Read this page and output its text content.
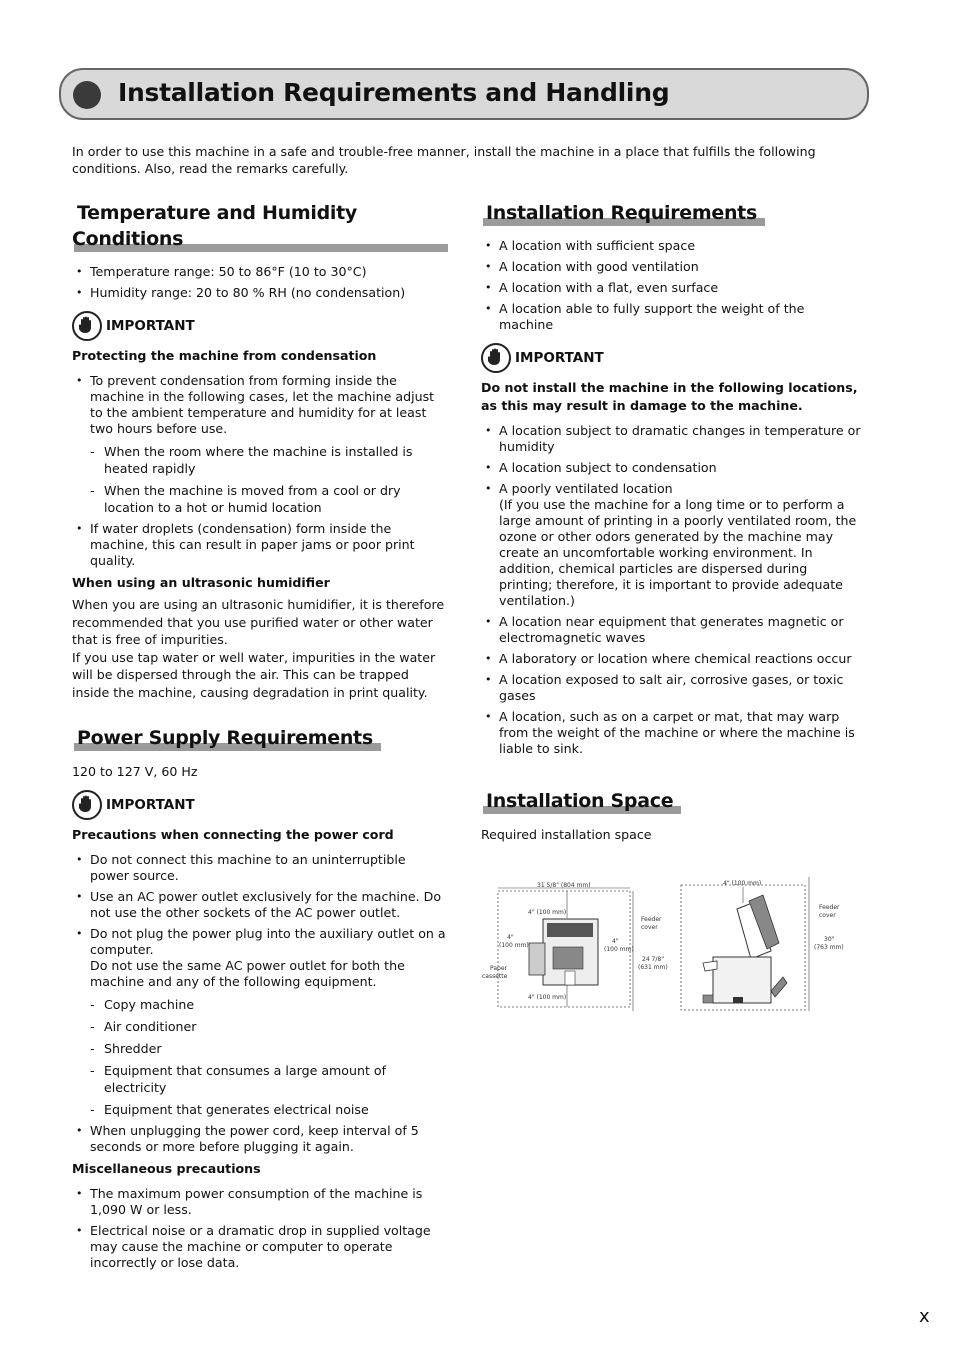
Installation Requirements and Handling
In order to use this machine in a safe and trouble-free manner, install the machine in a place that fulfills the following conditions. Also, read the remarks carefully.
Temperature and Humidity Conditions
• Temperature range: 50 to 86°F (10 to 30°C)
• Humidity range: 20 to 80 % RH (no condensation)
IMPORTANT
Protecting the machine from condensation
• To prevent condensation from forming inside the machine in the following cases, let the machine adjust to the ambient temperature and humidity for at least two hours before use.
- When the room where the machine is installed is heated rapidly
- When the machine is moved from a cool or dry location to a hot or humid location
• If water droplets (condensation) form inside the machine, this can result in paper jams or poor print quality.
When using an ultrasonic humidifier

When you are using an ultrasonic humidifier, it is therefore recommended that you use purified water or other water that is free of impurities.

If you use tap water or well water, impurities in the water will be dispersed through the air. This can be trapped inside the machine, causing degradation in print quality.

Power Supply Requirements
120 to 127 V, 60 Hz
IMPORTANT
Precautions when connecting the power cord
• Do not connect this machine to an uninterruptible power source.
• Use an AC power outlet exclusively for the machine. Do not use the other sockets of the AC power outlet.
• Do not plug the power plug into the auxiliary outlet on a computer.
Do not use the same AC power outlet for both the machine and any of the following equipment.
- Copy machine
- Air conditioner
- Shredder
- Equipment that consumes a large amount of electricity
- Equipment that generates electrical noise
• When unplugging the power cord, keep interval of 5 seconds or more before plugging it again.
Miscellaneous precautions
• The maximum power consumption of the machine is 1,090 W or less.
• Electrical noise or a dramatic drop in supplied voltage may cause the machine or computer to operate incorrectly or lose data.
Installation Requirements
• A location with sufficient space
• A location with good ventilation
• A location with a flat, even surface
• A location able to fully support the weight of the machine
IMPORTANT
Do not install the machine in the following locations, as this may result in damage to the machine.
• A location subject to dramatic changes in temperature or humidity
• A location subject to condensation
• A poorly ventilated location
(If you use the machine for a long time or to perform a large amount of printing in a poorly ventilated room, the ozone or other odors generated by the machine may create an uncomfortable working environment. In addition, chemical particles are dispersed during printing; therefore, it is important to provide adequate ventilation.)
• A location near equipment that generates magnetic or electromagnetic waves
• A laboratory or location where chemical reactions occur
• A location exposed to salt air, corrosive gases, or toxic gases
• A location, such as on a carpet or mat, that may warp from the weight of the machine or where the machine is liable to sink.
Installation Space
Required installation space
31 5/8" (804 mm)
4" (100 mm)
4"
(100 mm)
4"
(100 mm)
Feeder
cover
24 7/8"
(631 mm)
Paper
cassette
4" (100 mm)
4" (100 mm)
Feeder
cover
30"
(763 mm)
x
